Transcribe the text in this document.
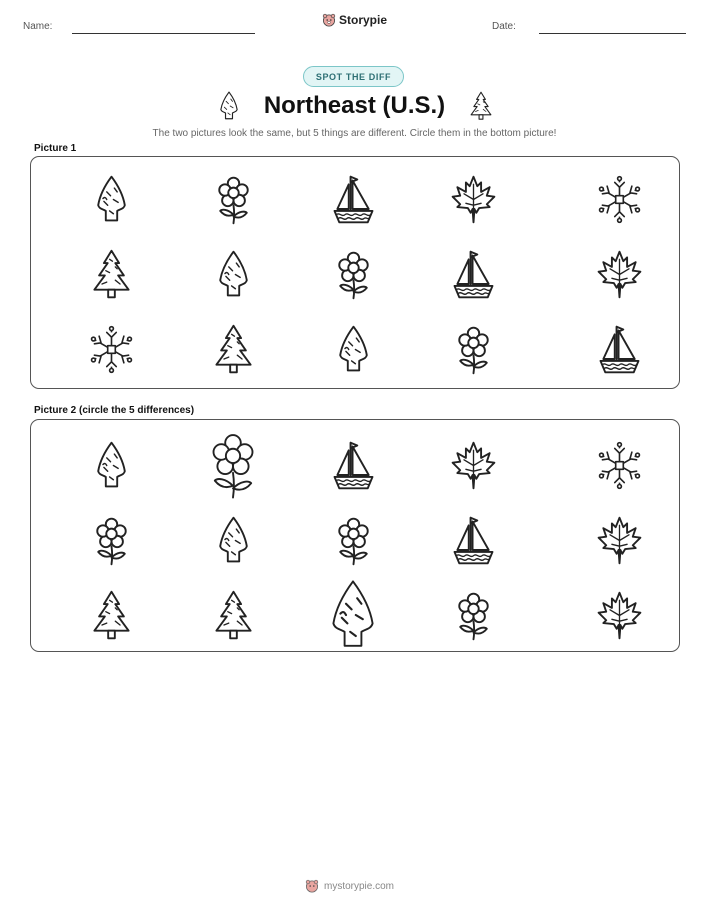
Name:	Storypie	Date:
SPOT THE DIFF
Northeast (U.S.)
The two pictures look the same, but 5 things are different. Circle them in the bottom picture!
Picture 1
Picture 2 (circle the 5 differences)
mystorypie.com
